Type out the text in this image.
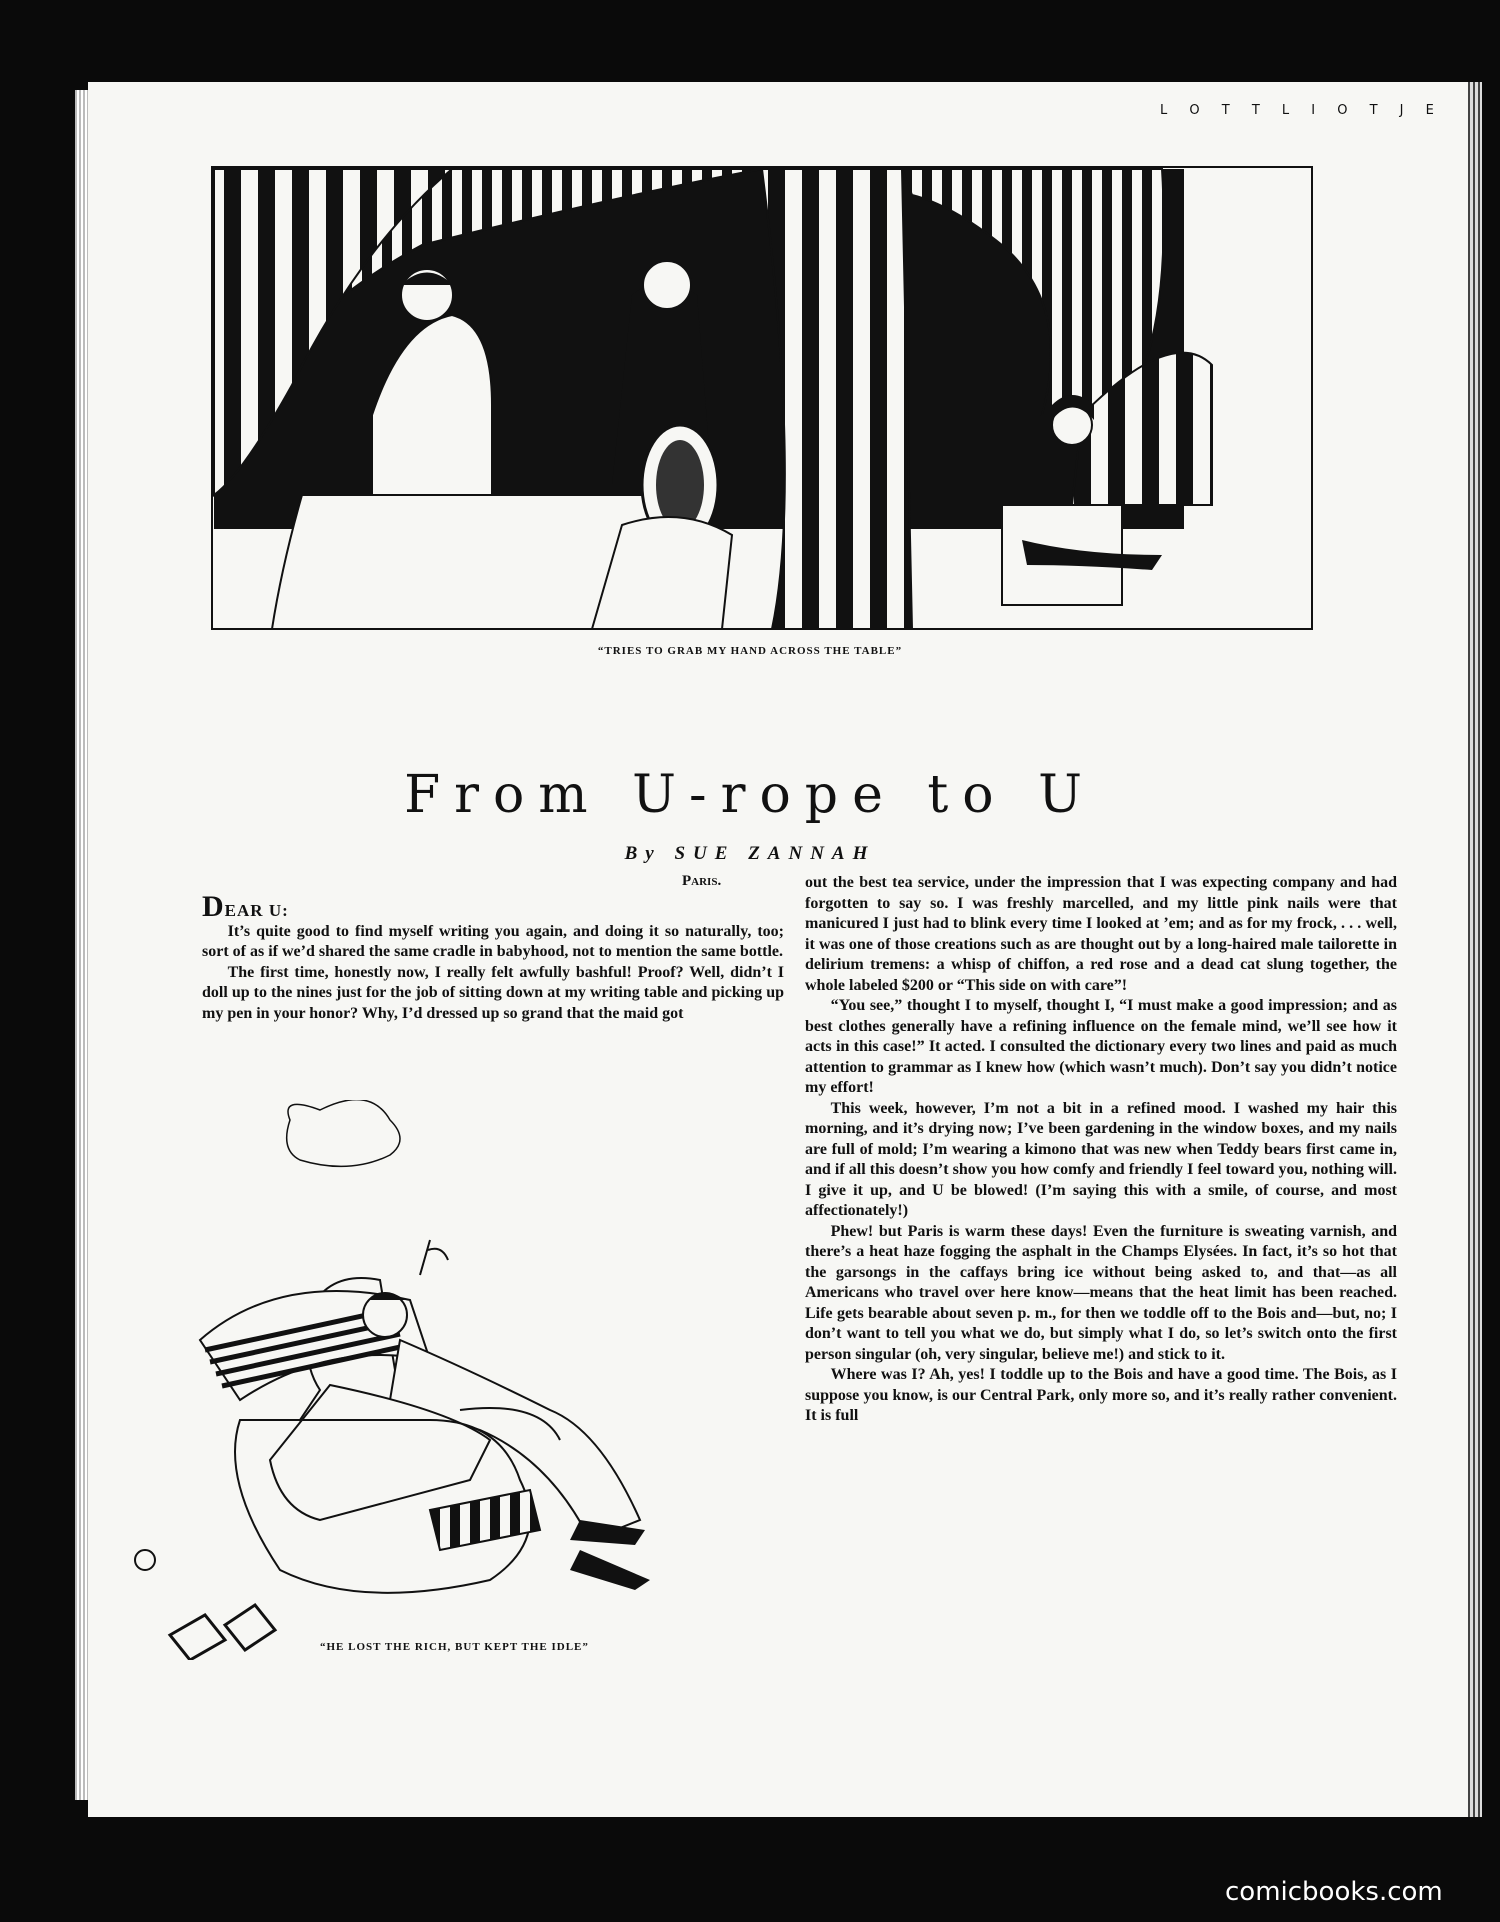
L O T T L I O T J E
“TRIES TO GRAB MY HAND ACROSS THE TABLE”
From U-rope to U
By SUE ZANNAH
Paris.

DEAR U:

It’s quite good to find myself writing you again, and doing it so naturally, too; sort of as if we’d shared the same cradle in babyhood, not to mention the same bottle.

The first time, honestly now, I really felt awfully bashful! Proof? Well, didn’t I doll up to the nines just for the job of sitting down at my writing table and picking up my pen in your honor? Why, I’d dressed up so grand that the maid got

out the best tea service, under the impression that I was expecting company and had forgotten to say so. I was freshly marcelled, and my little pink nails were that manicured I just had to blink every time I looked at ’em; and as for my frock, . . . well, it was one of those creations such as are thought out by a long-haired male tailorette in delirium tremens: a whisp of chiffon, a red rose and a dead cat slung together, the whole labeled $200 or “This side on with care”!

“You see,” thought I to myself, thought I, “I must make a good impression; and as best clothes generally have a refining influence on the female mind, we’ll see how it acts in this case!” It acted. I consulted the dictionary every two lines and paid as much attention to grammar as I knew how (which wasn’t much). Don’t say you didn’t notice my effort!

This week, however, I’m not a bit in a refined mood. I washed my hair this morning, and it’s drying now; I’ve been gardening in the window boxes, and my nails are full of mold; I’m wearing a kimono that was new when Teddy bears first came in, and if all this doesn’t show you how comfy and friendly I feel toward you, nothing will. I give it up, and U be blowed! (I’m saying this with a smile, of course, and most affectionately!)

Phew! but Paris is warm these days! Even the furniture is sweating varnish, and there’s a heat haze fogging the asphalt in the Champs Elysées. In fact, it’s so hot that the garsongs in the caffays bring ice without being asked to, and that—as all Americans who travel over here know—means that the heat limit has been reached. Life gets bearable about seven p. m., for then we toddle off to the Bois and—but, no; I don’t want to tell you what we do, but simply what I do, so let’s switch onto the first person singular (oh, very singular, believe me!) and stick to it.

Where was I? Ah, yes! I toddle up to the Bois and have a good time. The Bois, as I suppose you know, is our Central Park, only more so, and it’s really rather convenient. It is full

“HE LOST THE RICH, BUT KEPT THE IDLE”
comicbooks.com
